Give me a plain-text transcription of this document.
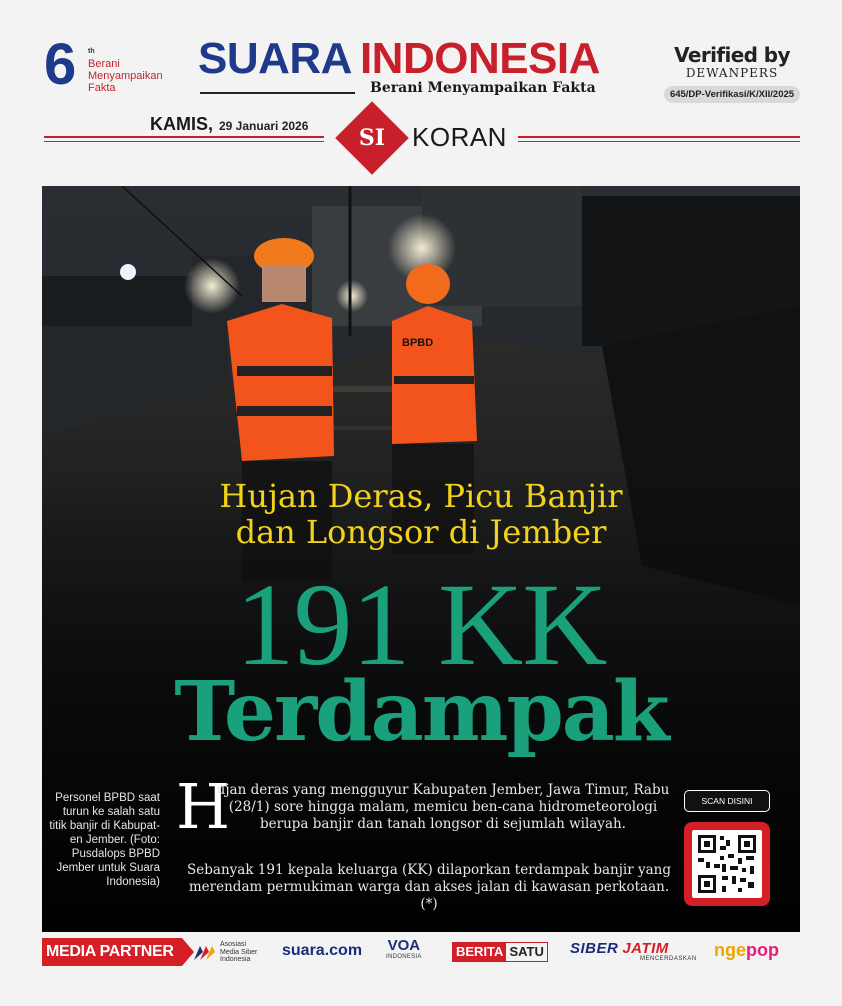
6 th
Berani
Menyampaikan
Fakta
SUARA INDONESIA
Berani Menyampaikan Fakta
Verified by
DEWANPERS
645/DP-Verifikasi/K/XII/2025
KAMIS, 29 Januari 2026	SI	KORAN
BPBD
Hujan Deras, Picu Banjir
dan Longsor di Jember
191 KK
Terdampak
Personel BPBD saat turun ke salah satu titik banjir di Kabupat-en Jember. (Foto: Pusdalops BPBD Jember untuk Suara Indonesia)
H
ujan deras yang mengguyur Kabupaten Jember, Jawa Timur, Rabu (28/1) sore hingga malam, memicu ben-cana hidrometeorologi berupa banjir dan tanah longsor di sejumlah wilayah.
Sebanyak 191 kepala keluarga (KK) dilaporkan terdampak banjir yang merendam permukiman warga dan akses jalan di kawasan perkotaan. (*)
SCAN DISINI
MEDIA PARTNER	Asosiasi
Media Siber
Indonesia
suara.com VOA
INDONESIA	BERITA SATU SIBER JATIM
MENCERDASKAN ngepop
